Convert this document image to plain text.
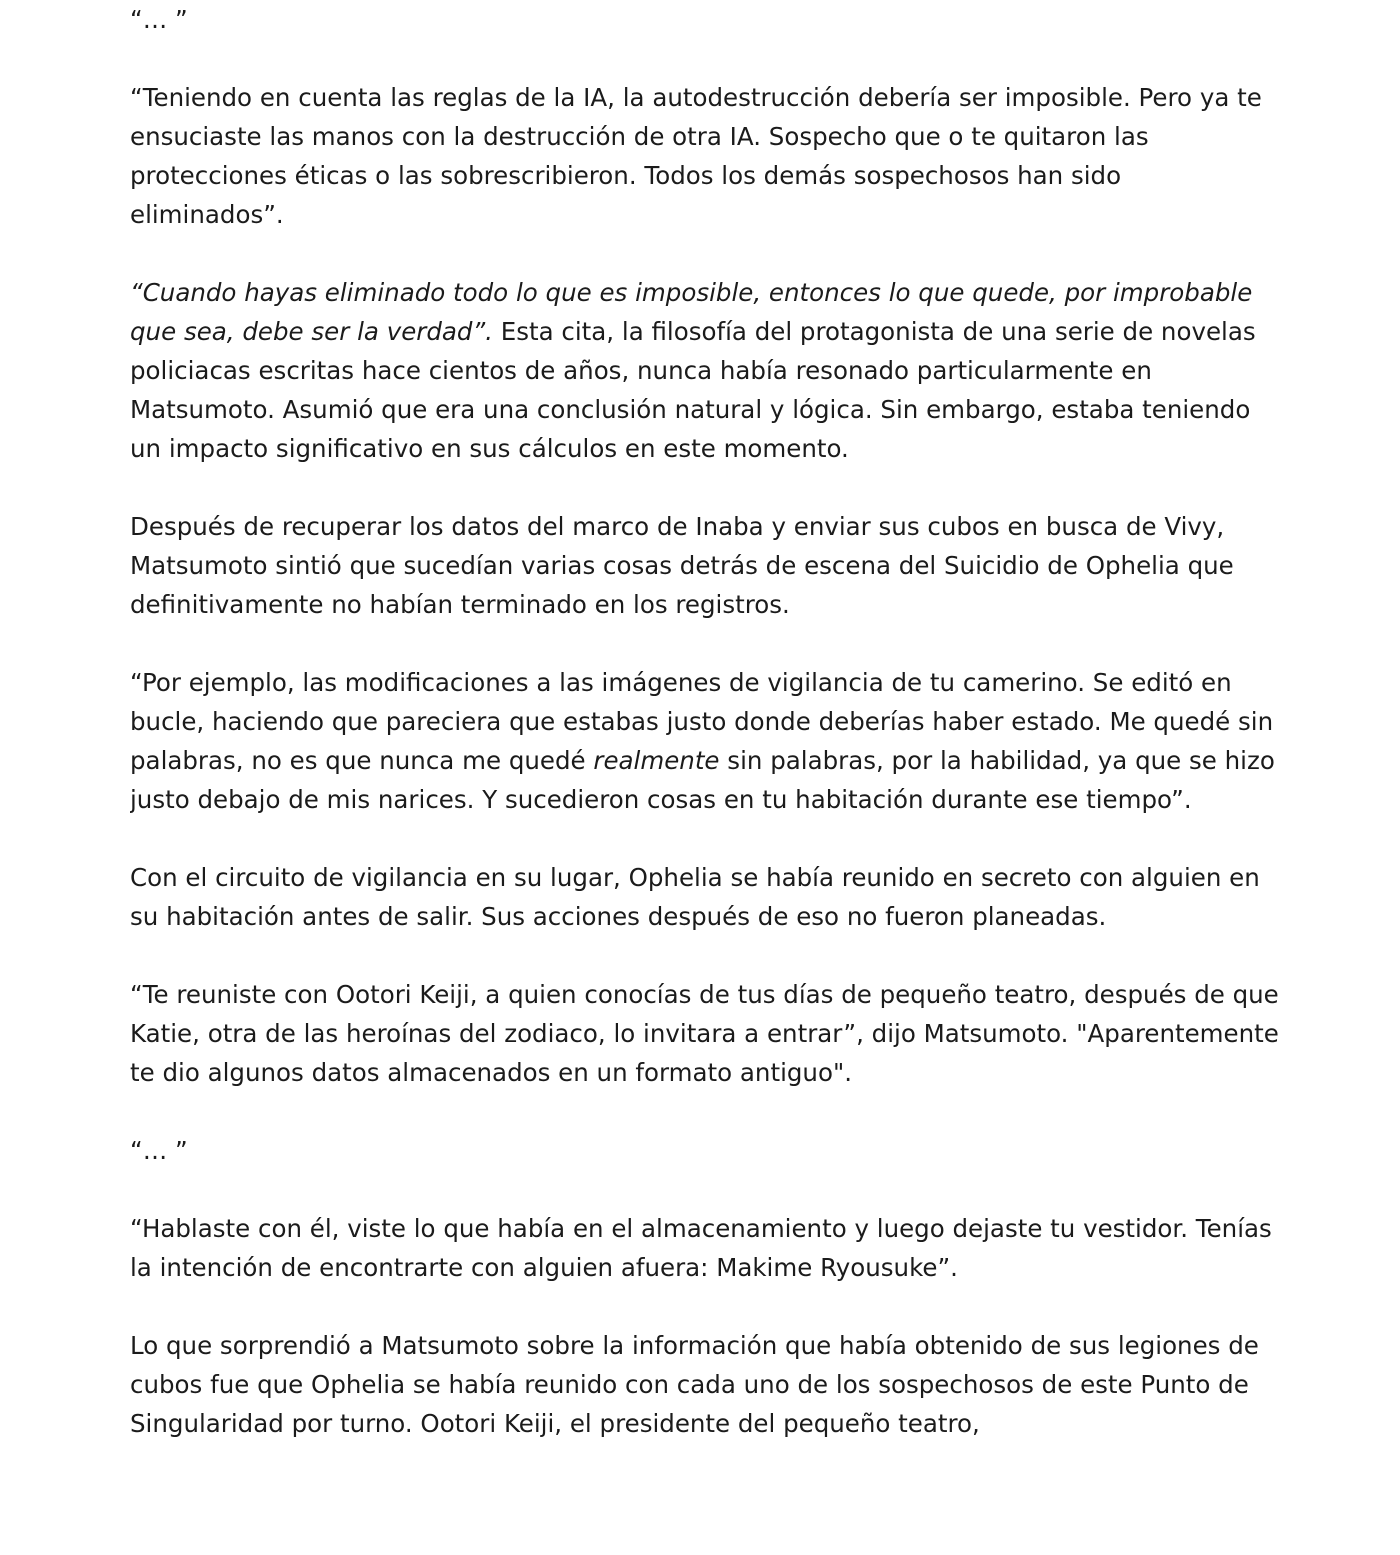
“… ”

“Teniendo en cuenta las reglas de la IA, la autodestrucción debería ser imposible. Pero ya te ensuciaste las manos con la destrucción de otra IA. Sospecho que o te quitaron las protecciones éticas o las sobrescribieron. Todos los demás sospechosos han sido eliminados”.

“Cuando hayas eliminado todo lo que es imposible, entonces lo que quede, por improbable que sea, debe ser la verdad”. Esta cita, la filosofía del protagonista de una serie de novelas policiacas escritas hace cientos de años, nunca había resonado particularmente en Matsumoto. Asumió que era una conclusión natural y lógica. Sin embargo, estaba teniendo un impacto significativo en sus cálculos en este momento.

Después de recuperar los datos del marco de Inaba y enviar sus cubos en busca de Vivy, Matsumoto sintió que sucedían varias cosas detrás de escena del Suicidio de Ophelia que definitivamente no habían terminado en los registros.

“Por ejemplo, las modificaciones a las imágenes de vigilancia de tu camerino. Se editó en bucle, haciendo que pareciera que estabas justo donde deberías haber estado. Me quedé sin palabras, no es que nunca me quedé realmente sin palabras, por la habilidad, ya que se hizo justo debajo de mis narices. Y sucedieron cosas en tu habitación durante ese tiempo”.

Con el circuito de vigilancia en su lugar, Ophelia se había reunido en secreto con alguien en su habitación antes de salir. Sus acciones después de eso no fueron planeadas.

“Te reuniste con Ootori Keiji, a quien conocías de tus días de pequeño teatro, después de que Katie, otra de las heroínas del zodiaco, lo invitara a entrar”, dijo Matsumoto. "Aparentemente te dio algunos datos almacenados en un formato antiguo".

“… ”

“Hablaste con él, viste lo que había en el almacenamiento y luego dejaste tu vestidor. Tenías la intención de encontrarte con alguien afuera: Makime Ryousuke”.

Lo que sorprendió a Matsumoto sobre la información que había obtenido de sus legiones de cubos fue que Ophelia se había reunido con cada uno de los sospechosos de este Punto de Singularidad por turno. Ootori Keiji, el presidente del pequeño teatro,
